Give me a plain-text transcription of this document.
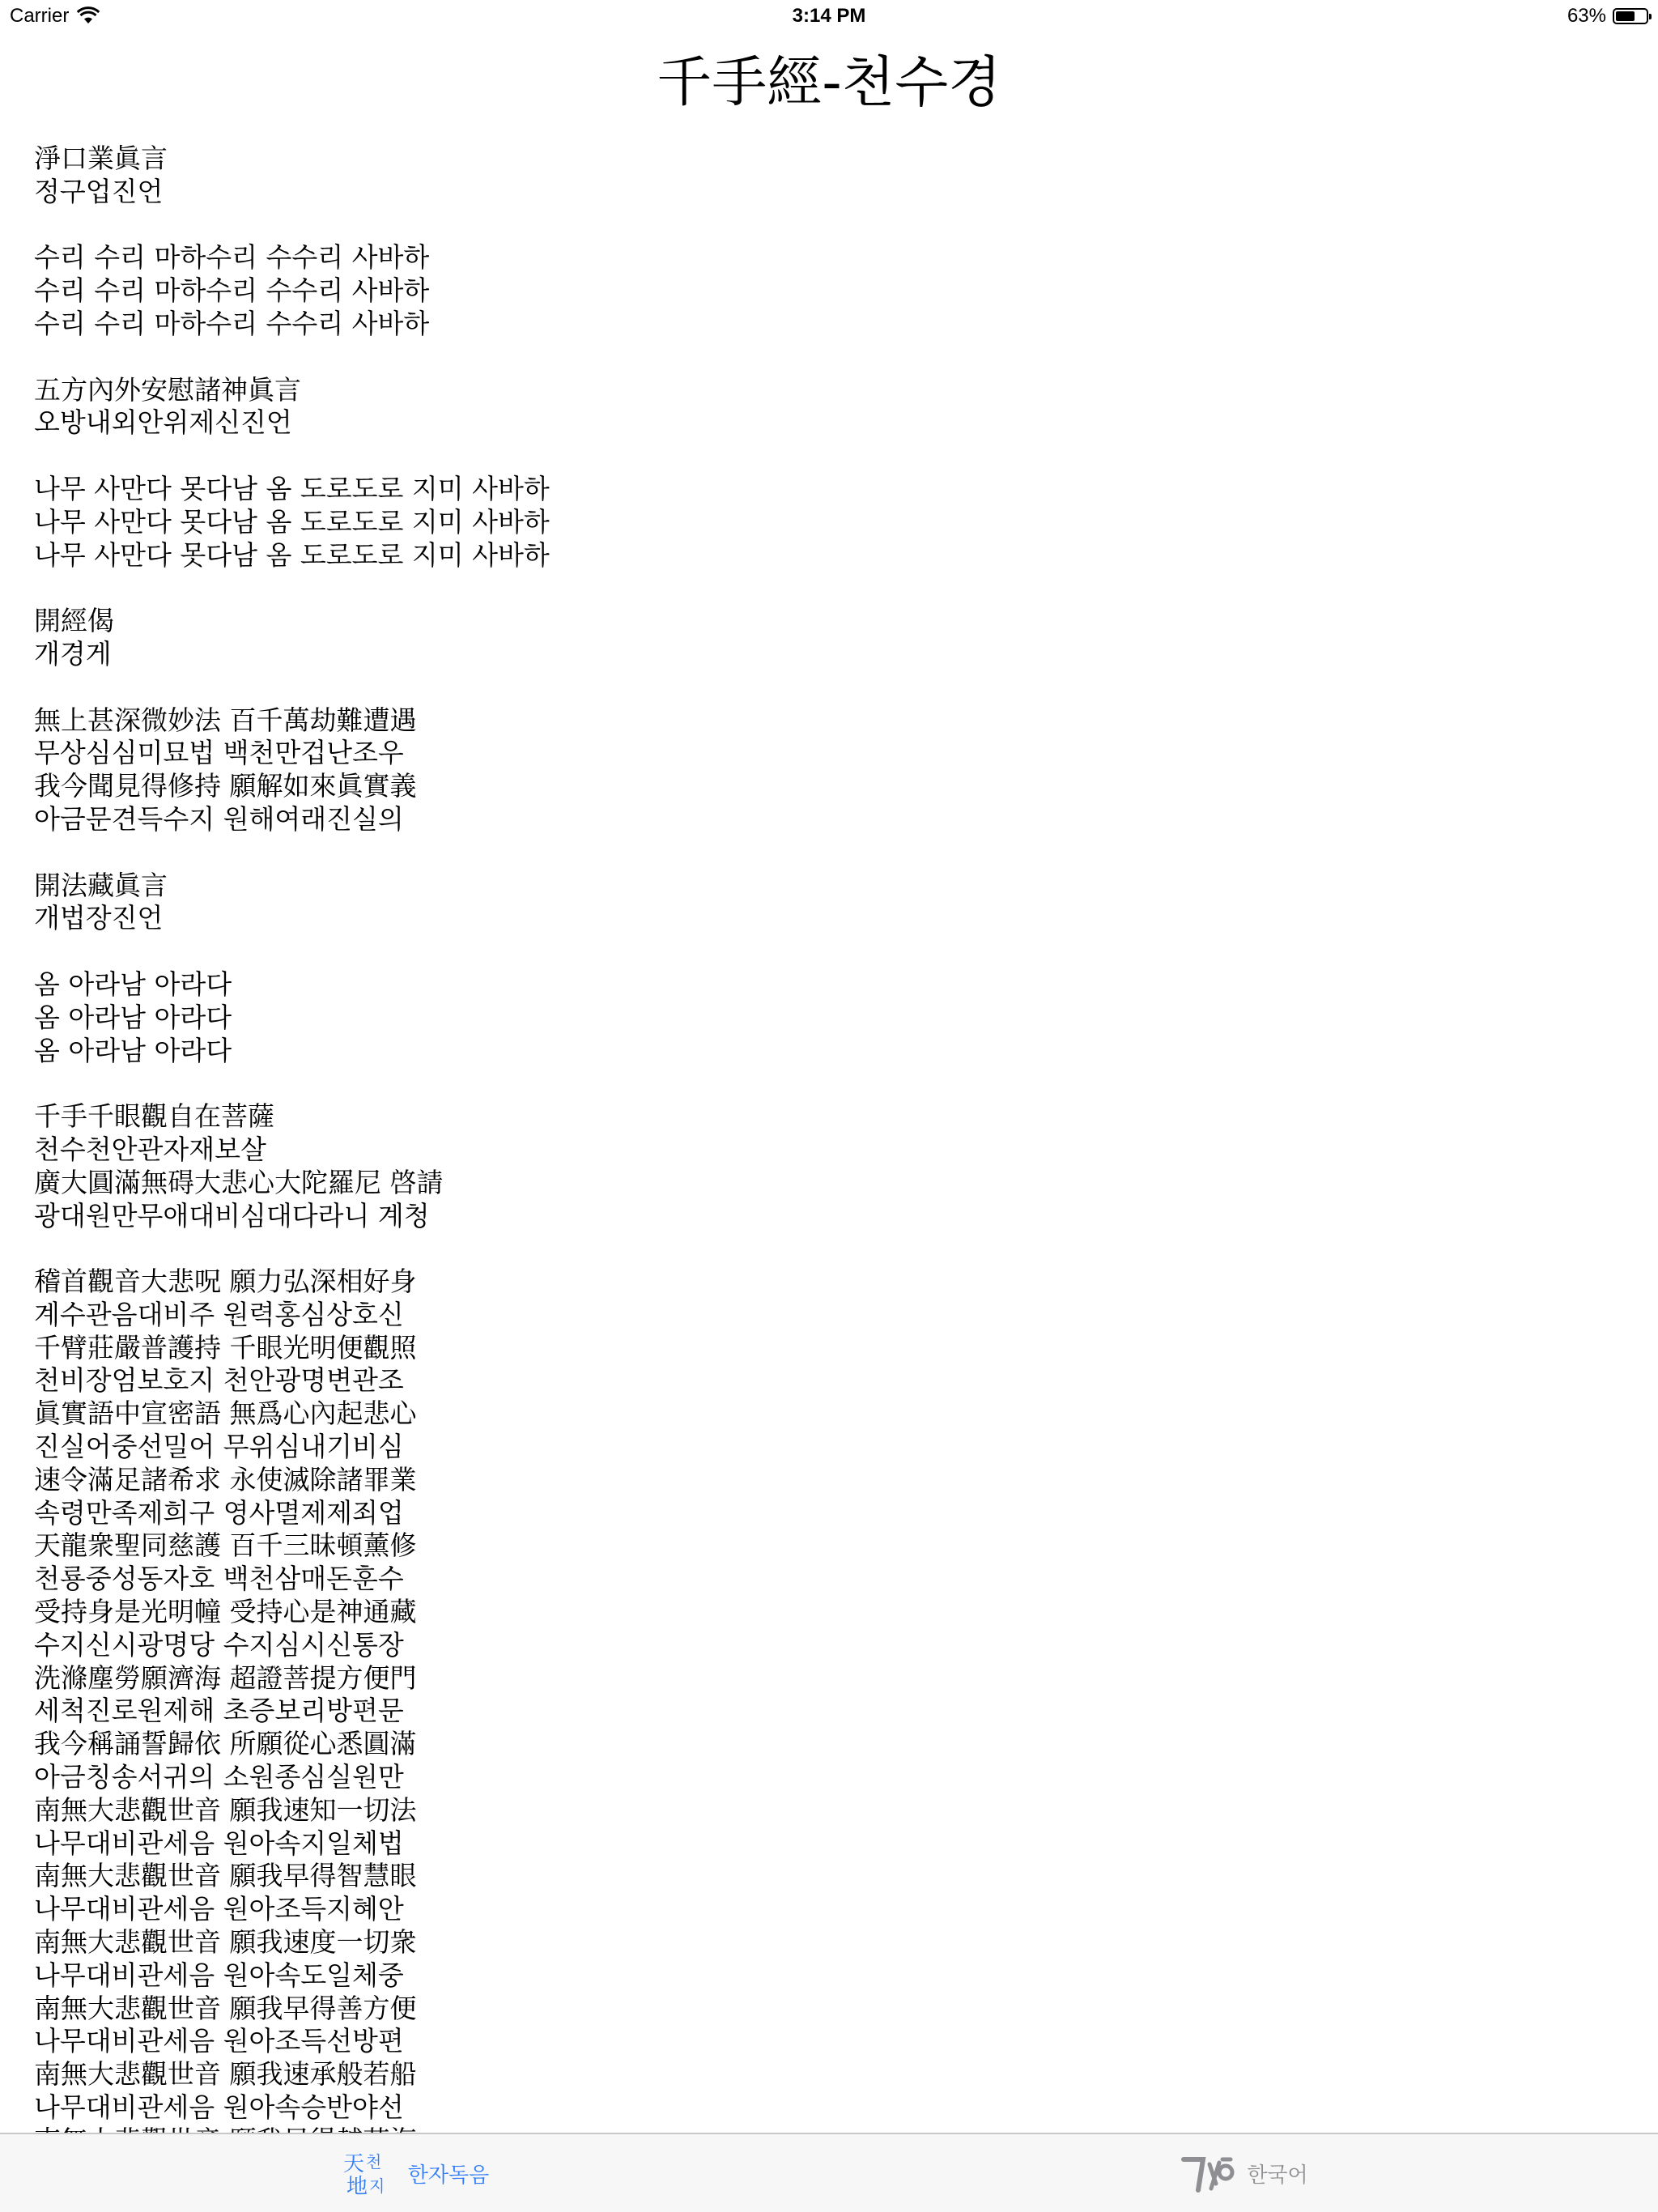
Carrier	3:14 PM	63%
千手經-천수경
淨口業眞言
정구업진언
수리 수리 마하수리 수수리 사바하
수리 수리 마하수리 수수리 사바하
수리 수리 마하수리 수수리 사바하
五方內外安慰諸神眞言
오방내외안위제신진언
나무 사만다 못다남 옴 도로도로 지미 사바하
나무 사만다 못다남 옴 도로도로 지미 사바하
나무 사만다 못다남 옴 도로도로 지미 사바하
開經偈
개경게
無上甚深微妙法 百千萬劫難遭遇
무상심심미묘법 백천만겁난조우
我今聞見得修持 願解如來眞實義
아금문견득수지 원해여래진실의
開法藏眞言
개법장진언
옴 아라남 아라다
옴 아라남 아라다
옴 아라남 아라다
千手千眼觀自在菩薩
천수천안관자재보살
廣大圓滿無碍大悲心大陀羅尼 啓請
광대원만무애대비심대다라니 계청
稽首觀音大悲呪 願力弘深相好身
계수관음대비주 원력홍심상호신
千臂莊嚴普護持 千眼光明便觀照
천비장엄보호지 천안광명변관조
眞實語中宣密語 無爲心內起悲心
진실어중선밀어 무위심내기비심
速令滿足諸希求 永使滅除諸罪業
속령만족제희구 영사멸제제죄업
天龍衆聖同慈護 百千三昧頓薰修
천룡중성동자호 백천삼매돈훈수
受持身是光明幢 受持心是神通藏
수지신시광명당 수지심시신통장
洗滌塵勞願濟海 超證菩提方便門
세척진로원제해 초증보리방편문
我今稱誦誓歸依 所願從心悉圓滿
아금칭송서귀의 소원종심실원만
南無大悲觀世音 願我速知一切法
나무대비관세음 원아속지일체법
南無大悲觀世音 願我早得智慧眼
나무대비관세음 원아조득지혜안
南無大悲觀世音 願我速度一切衆
나무대비관세음 원아속도일체중
南無大悲觀世音 願我早得善方便
나무대비관세음 원아조득선방편
南無大悲觀世音 願我速承般若船
나무대비관세음 원아속승반야선
天 천
地 지 한자독음	한국어
